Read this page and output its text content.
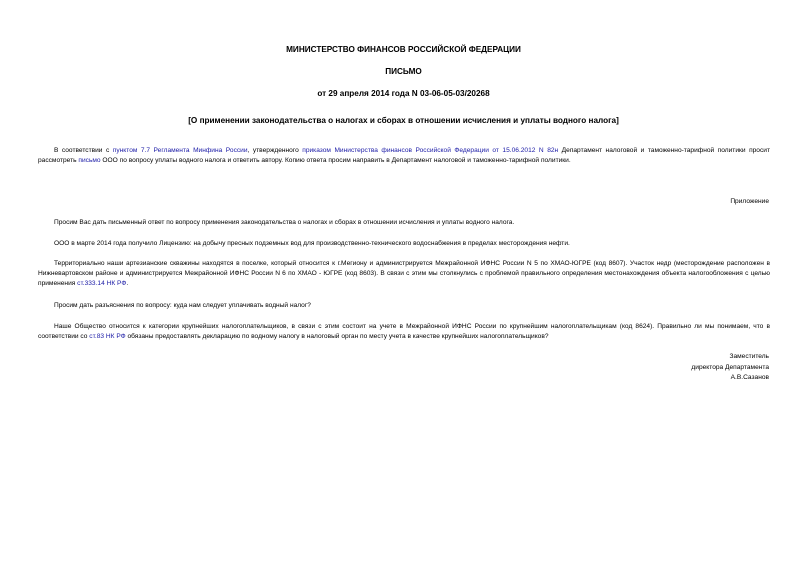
МИНИСТЕРСТВО ФИНАНСОВ РОССИЙСКОЙ ФЕДЕРАЦИИ
ПИСЬМО
от 29 апреля 2014 года N 03-06-05-03/20268
[О применении законодательства о налогах и сборах в отношении исчисления и уплаты водного налога]
В соответствии с пунктом 7.7 Регламента Минфина России, утвержденного приказом Министерства финансов Российской Федерации от 15.06.2012 N 82н Департамент налоговой и таможенно-тарифной политики просит рассмотреть письмо ООО по вопросу уплаты водного налога и ответить автору. Копию ответа просим направить в Департамент налоговой и таможенно-тарифной политики.
Приложение
Просим Вас дать письменный ответ по вопросу применения законодательства о налогах и сборах в отношении исчисления и уплаты водного налога.
ООО в марте 2014 года получило Лицензию: на добычу пресных подземных вод для производственно-технического водоснабжения в пределах месторождения нефти.
Территориально наши артезианские скважины находятся в поселке, который относится к г.Мегиону и администрируется Межрайонной ИФНС России N 5 по ХМАО-ЮГРЕ (код 8607). Участок недр (месторождение расположен в Нижневартовском районе и администрируется Межрайонной ИФНС России N 6 по ХМАО - ЮГРЕ (код 8603). В связи с этим мы столкнулись с проблемой правильного определения местонахождения объекта налогообложения с целью применения ст.333.14 НК РФ.
Просим дать разъяснения по вопросу: куда нам следует уплачивать водный налог?
Наше Общество относится к категории крупнейших налогоплательщиков, в связи с этим состоит на учете в Межрайонной ИФНС России по крупнейшим налогоплательщикам (код 8624). Правильно ли мы понимаем, что в соответствии со ст.83 НК РФ обязаны предоставлять декларацию по водному налогу в налоговый орган по месту учета в качестве крупнейших налогоплательщиков?
Заместитель
директора Департамента
А.В.Сазанов
